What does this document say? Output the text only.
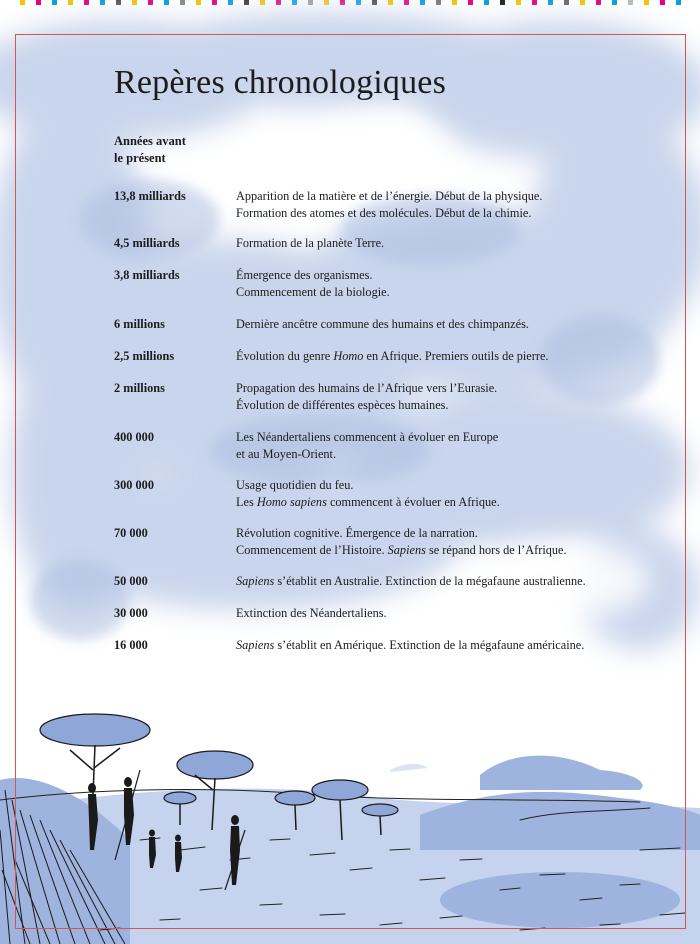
Repères chronologiques
Années avant
le présent
13,8 milliards	Apparition de la matière et de l’énergie. Début de la physique.
Formation des atomes et des molécules. Début de la chimie.
4,5 milliards	Formation de la planète Terre.
3,8 milliards	Émergence des organismes.
Commencement de la biologie.
6 millions	Dernière ancêtre commune des humains et des chimpanzés.
2,5 millions	Évolution du genre Homo en Afrique. Premiers outils de pierre.
2 millions	Propagation des humains de l’Afrique vers l’Eurasie.
Évolution de différentes espèces humaines.
400 000	Les Néandertaliens commencent à évoluer en Europe
et au Moyen-Orient.
300 000	Usage quotidien du feu.
Les Homo sapiens commencent à évoluer en Afrique.
70 000	Révolution cognitive. Émergence de la narration.
Commencement de l’Histoire. Sapiens se répand hors de l’Afrique.
50 000	Sapiens s’établit en Australie. Extinction de la mégafaune australienne.
30 000	Extinction des Néandertaliens.
16 000	Sapiens s’établit en Amérique. Extinction de la mégafaune américaine.
